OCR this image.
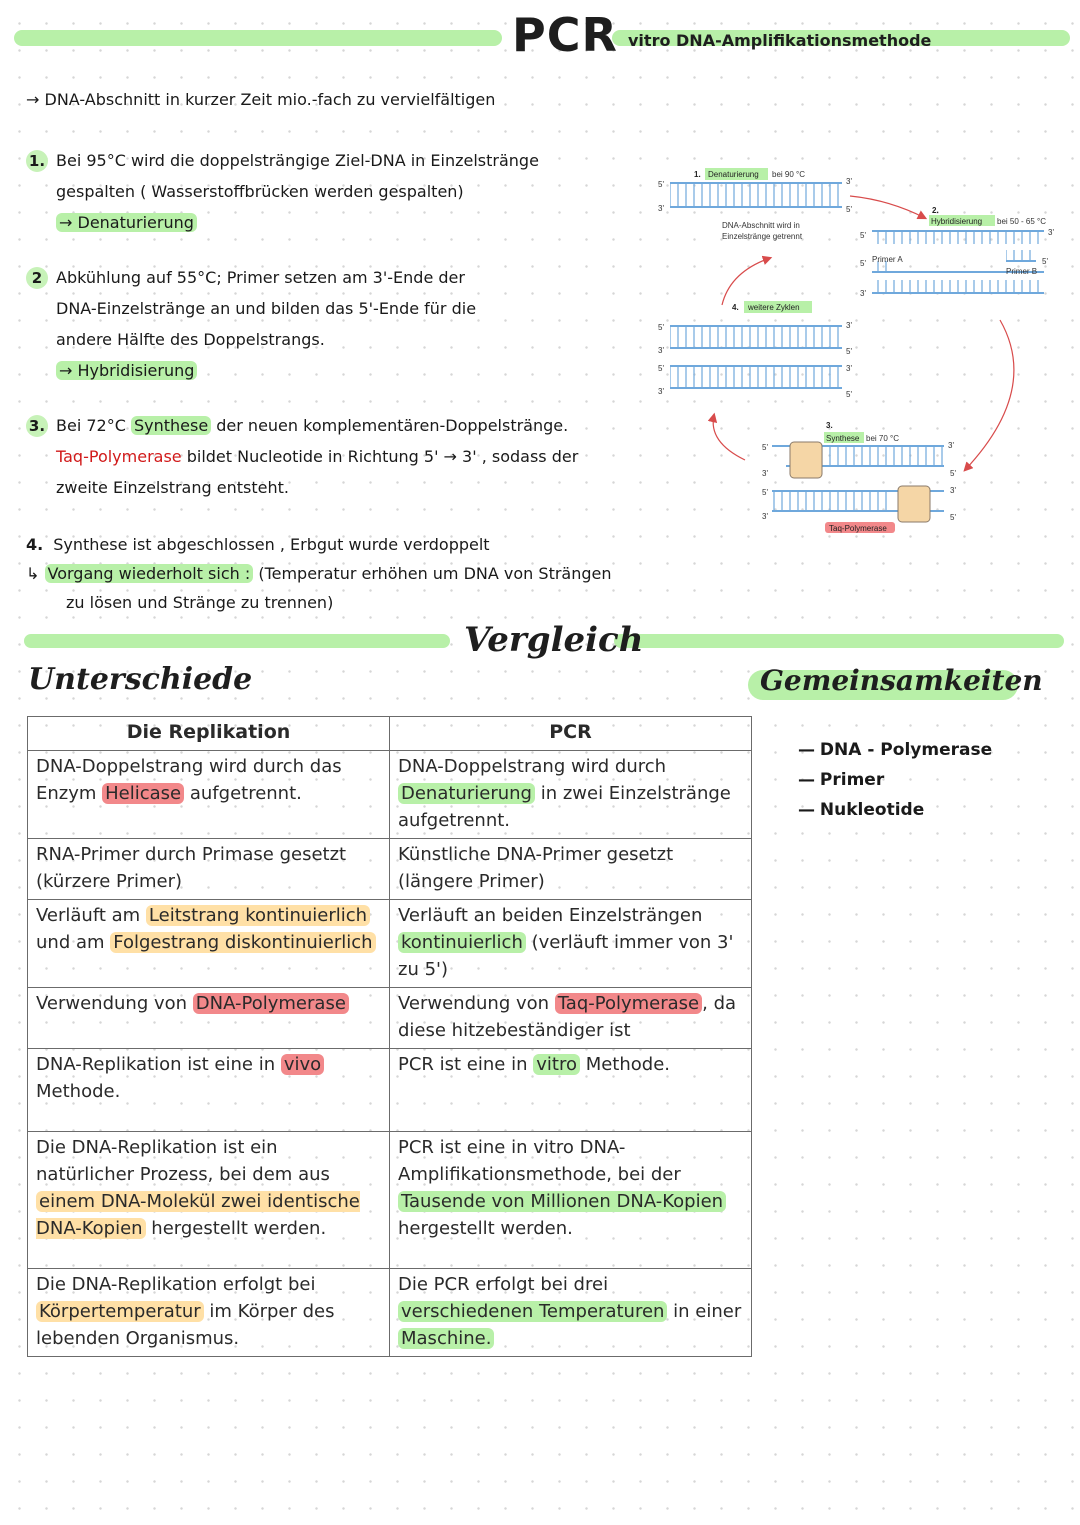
PCR vitro DNA-Amplifikationsmethode
→ DNA-Abschnitt in kurzer Zeit mio.-fach zu vervielfältigen
1. Bei 95°C wird die doppelsträngige Ziel-DNA in Einzelstränge
gespalten ( Wasserstoffbrücken werden gespalten)
→ Denaturierung
2 Abkühlung auf 55°C; Primer setzen am 3'-Ende der
DNA-Einzelstränge an und bilden das 5'-Ende für die
andere Hälfte des Doppelstrangs.
→ Hybridisierung
3. Bei 72°C Synthese der neuen komplementären-Doppelstränge.
Taq-Polymerase bildet Nucleotide in Richtung 5' → 3' , sodass der
zweite Einzelstrang entsteht.
4. Synthese ist abgeschlossen , Erbgut wurde verdoppelt
↳ Vorgang wiederholt sich : (Temperatur erhöhen um DNA von Strängen
zu lösen und Stränge zu trennen)
5'
3'
3'
5'
1. Denaturierung bei 90 °C
DNA-Abschnitt wird in
Einzelstränge getrennt
2.
Hybridisierung bei 50 - 65 °C
5'	3'
5'
3'
5'
Primer A
Primer B
3.
Synthese bei 70 °C
5'	3'
3'	5'
5'	3'
3'	5'
Taq-Polymerase
4. weitere Zyklen
5'
3'
5'
3'
3'
5'
3'
5'
Vergleich
Unterschiede	Gemeinsamkeiten
— DNA - Polymerase
— Primer
— Nukleotide
Die Replikation	PCR
DNA-Doppelstrang wird durch das Enzym Helicase aufgetrennt.	DNA-Doppelstrang wird durch Denaturierung in zwei Einzelstränge aufgetrennt.
RNA-Primer durch Primase gesetzt (kürzere Primer)	Künstliche DNA-Primer gesetzt (längere Primer)
Verläuft am Leitstrang kontinuierlich und am Folgestrang diskontinuierlich	Verläuft an beiden Einzelsträngen kontinuierlich (verläuft immer von 3' zu 5')
Verwendung von DNA-Polymerase	Verwendung von Taq-Polymerase , da diese hitzebeständiger ist
DNA-Replikation ist eine in vivo Methode.	PCR ist eine in vitro Methode.
Die DNA-Replikation ist ein natürlicher Prozess, bei dem aus einem DNA-Molekül zwei identische DNA-Kopien hergestellt werden.	PCR ist eine in vitro DNA-Amplifikationsmethode, bei der Tausende von Millionen DNA-Kopien hergestellt werden.
Die DNA-Replikation erfolgt bei Körpertemperatur im Körper des lebenden Organismus.	Die PCR erfolgt bei drei verschiedenen Temperaturen in einer Maschine.
